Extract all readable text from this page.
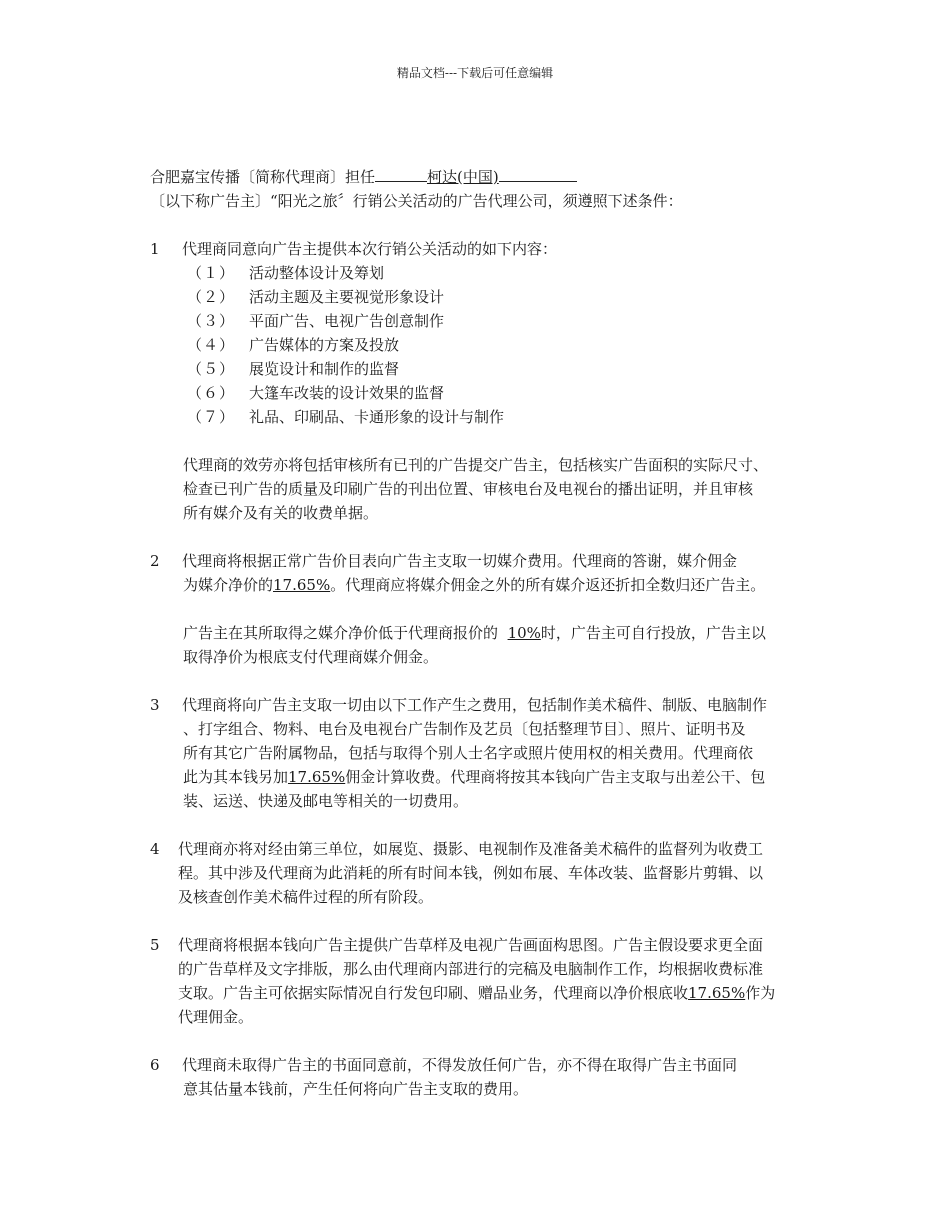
精品文档---下载后可任意编辑
合肥嘉宝传播〔简称代理商〕担任	柯达(中国)
〔以下称广告主〕“阳光之旅〞行销公关活动的广告代理公司，须遵照下述条件：
1 代理商同意向广告主提供本次行销公关活动的如下内容：
（１） 活动整体设计及筹划
（２） 活动主题及主要视觉形象设计
（３） 平面广告、电视广告创意制作
（４） 广告媒体的方案及投放
（５） 展览设计和制作的监督
（６） 大篷车改装的设计效果的监督
（７） 礼品、印刷品、卡通形象的设计与制作
代理商的效劳亦将包括审核所有已刊的广告提交广告主，包括核实广告面积的实际尺寸、
检查已刊广告的质量及印刷广告的刊出位置、审核电台及电视台的播出证明，并且审核
所有媒介及有关的收费单据。
2 代理商将根据正常广告价目表向广告主支取一切媒介费用。代理商的答谢，媒介佣金
为媒介净价的17.65%。代理商应将媒介佣金之外的所有媒介返还折扣全数归还广告主。
广告主在其所取得之媒介净价低于代理商报价的 10%时，广告主可自行投放，广告主以
取得净价为根底支付代理商媒介佣金。
3 代理商将向广告主支取一切由以下工作产生之费用，包括制作美术稿件、制版、电脑制作
、打字组合、物料、电台及电视台广告制作及艺员〔包括整理节目〕、照片、证明书及
所有其它广告附属物品，包括与取得个别人士名字或照片使用权的相关费用。代理商依
此为其本钱另加17.65%佣金计算收费。代理商将按其本钱向广告主支取与出差公干、包
装、运送、快递及邮电等相关的一切费用。
4 代理商亦将对经由第三单位，如展览、摄影、电视制作及准备美术稿件的监督列为收费工
程。其中涉及代理商为此消耗的所有时间本钱，例如布展、车体改装、监督影片剪辑、以
及核查创作美术稿件过程的所有阶段。
5 代理商将根据本钱向广告主提供广告草样及电视广告画面构思图。广告主假设要求更全面
的广告草样及文字排版，那么由代理商内部进行的完稿及电脑制作工作，均根据收费标准
支取。广告主可依据实际情况自行发包印刷、赠品业务，代理商以净价根底收17.65%作为
代理佣金。
6 代理商未取得广告主的书面同意前，不得发放任何广告，亦不得在取得广告主书面同
意其估量本钱前，产生任何将向广告主支取的费用。
